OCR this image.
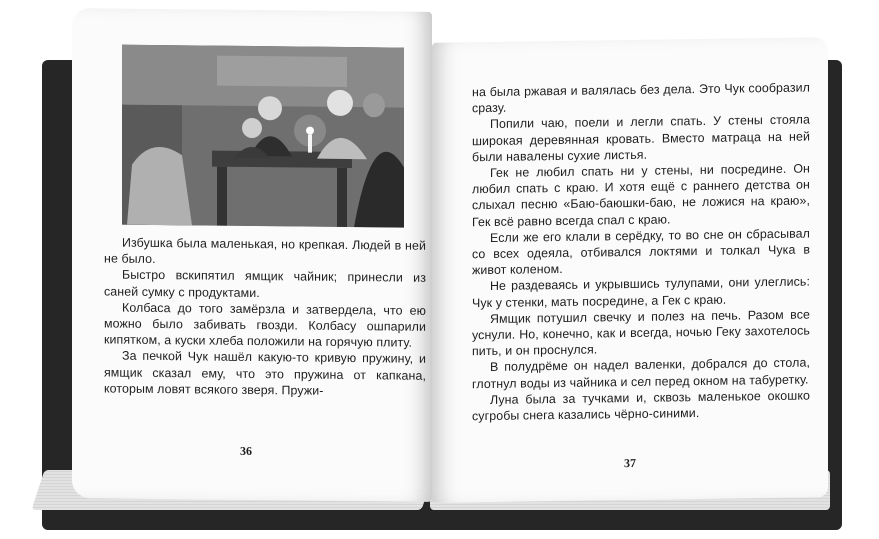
Избушка была маленькая, но крепкая. Людей в ней не было.

Быстро вскипятил ямщик чайник; принесли из саней сумку с продуктами.

Колбаса до того замёрзла и затвердела, что ею можно было забивать гвозди. Колбасу ошпарили кипятком, а куски хлеба положили на горячую плиту.

За печкой Чук нашёл какую-то кривую пружину, и ямщик сказал ему, что это пружина от капкана, которым ловят всякого зверя. Пружи-

36

на была ржавая и валялась без дела. Это Чук сообразил сразу.

Попили чаю, поели и легли спать. У стены стояла широкая деревянная кровать. Вместо матраца на ней были навалены сухие листья.

Гек не любил спать ни у стены, ни посредине. Он любил спать с краю. И хотя ещё с раннего детства он слыхал песню «Баю-баюшки-баю, не ложися на краю», Гек всё равно всегда спал с краю.

Если же его клали в серёдку, то во сне он сбрасывал со всех одеяла, отбивался локтями и толкал Чука в живот коленом.

Не раздеваясь и укрывшись тулупами, они улеглись: Чук у стенки, мать посредине, а Гек с краю.

Ямщик потушил свечку и полез на печь. Разом все уснули. Но, конечно, как и всегда, ночью Геку захотелось пить, и он проснулся.

В полудрёме он надел валенки, добрался до стола, глотнул воды из чайника и сел перед окном на табуретку.

Луна была за тучками и, сквозь маленькое окошко сугробы снега казались чёрно-синими.

37
